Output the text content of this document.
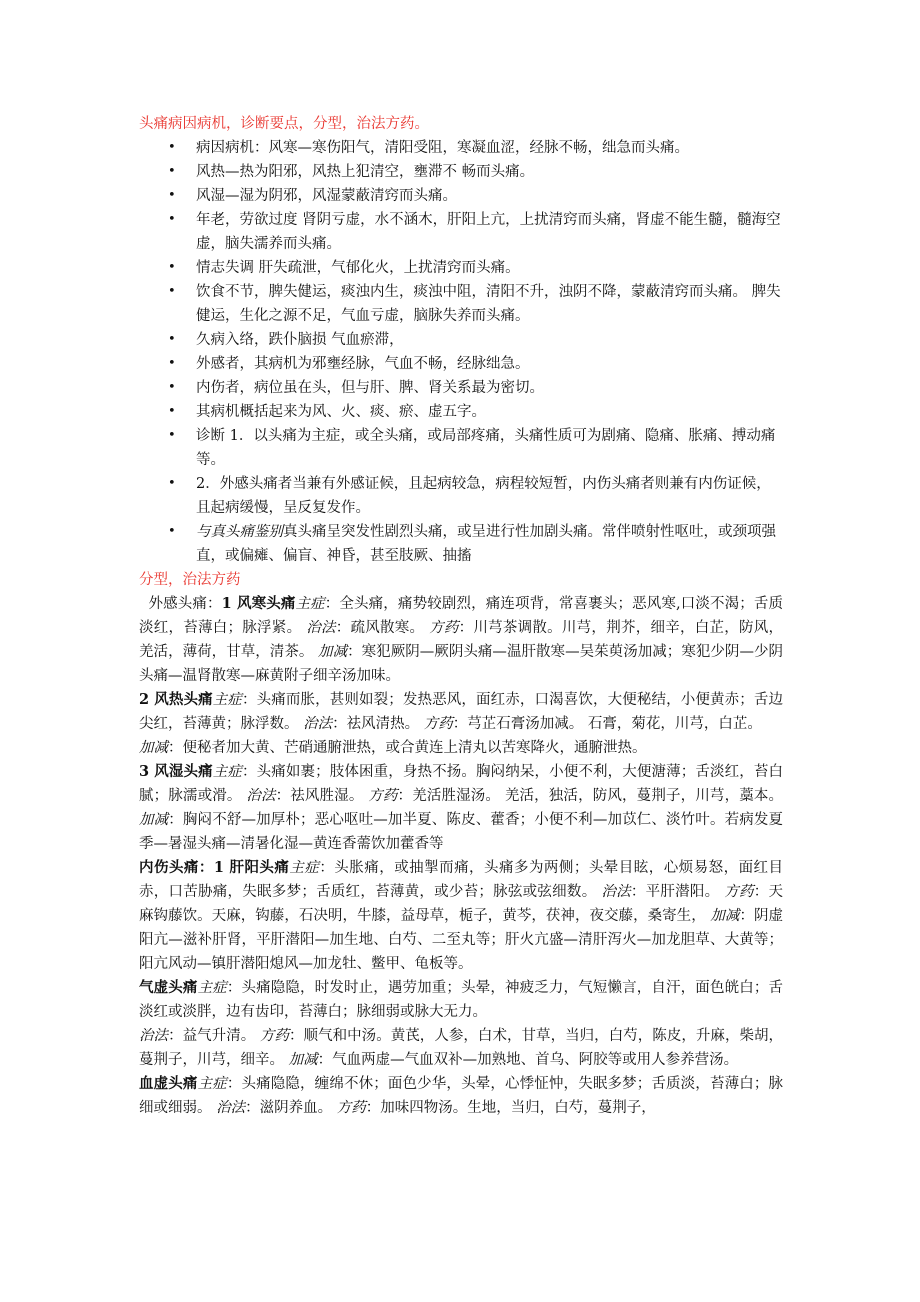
头痛病因病机，诊断要点，分型，治法方药。
• 病因病机：风寒—寒伤阳气，清阳受阻，寒凝血涩，经脉不畅，绌急而头痛。
• 风热—热为阳邪，风热上犯清空，壅滞不 畅而头痛。
• 风湿—湿为阴邪，风湿蒙蔽清窍而头痛。
• 年老，劳欲过度 肾阴亏虚，水不涵木，肝阳上亢，上扰清窍而头痛，肾虚不能生髓，髓海空虚，脑失濡养而头痛。
• 情志失调 肝失疏泄，气郁化火，上扰清窍而头痛。
• 饮食不节，脾失健运，痰浊内生，痰浊中阻，清阳不升，浊阴不降，蒙蔽清窍而头痛。 脾失健运，生化之源不足，气血亏虚，脑脉失养而头痛。
• 久病入络，跌仆脑损 气血瘀滞，
• 外感者，其病机为邪壅经脉，气血不畅，经脉绌急。
• 内伤者，病位虽在头，但与肝、脾、肾关系最为密切。
• 其病机概括起来为风、火、痰、瘀、虚五字。
• 诊断 1．以头痛为主症，或全头痛，或局部疼痛，头痛性质可为剧痛、隐痛、胀痛、搏动痛等。
• 2．外感头痛者当兼有外感证候，且起病较急，病程较短暂，内伤头痛者则兼有内伤证候，且起病缓慢，呈反复发作。
• 与真头痛鉴别真头痛呈突发性剧烈头痛，或呈进行性加剧头痛。常伴喷射性呕吐，或颈项强直，或偏瘫、偏盲、神昏，甚至肢厥、抽搐
分型，治法方药

外感头痛：1 风寒头痛主症：全头痛，痛势较剧烈，痛连项背，常喜裹头；恶风寒,口淡不渴；舌质淡红，苔薄白；脉浮紧。 治法：疏风散寒。 方药：川芎茶调散。川芎，荆芥，细辛，白芷，防风，羌活，薄荷，甘草，清茶。 加减：寒犯厥阴—厥阴头痛—温肝散寒—吴茱萸汤加减；寒犯少阴—少阴头痛—温肾散寒—麻黄附子细辛汤加味。

2 风热头痛主症：头痛而胀，甚则如裂；发热恶风，面红赤，口渴喜饮，大便秘结，小便黄赤；舌边尖红，苔薄黄；脉浮数。 治法：祛风清热。 方药：芎芷石膏汤加减。 石膏，菊花，川芎，白芷。

加减：便秘者加大黄、芒硝通腑泄热，或合黄连上清丸以苦寒降火，通腑泄热。

3 风湿头痛主症：头痛如裹；肢体困重，身热不扬。胸闷纳呆，小便不利，大便溏薄；舌淡红，苔白腻；脉濡或滑。 治法：祛风胜湿。 方药：羌活胜湿汤。 羌活，独活，防风，蔓荆子，川芎，藁本。加减：胸闷不舒—加厚朴；恶心呕吐—加半夏、陈皮、藿香；小便不利—加苡仁、淡竹叶。若病发夏季—暑湿头痛—清暑化湿—黄连香薷饮加藿香等

内伤头痛：1 肝阳头痛主症：头胀痛，或抽掣而痛，头痛多为两侧；头晕目眩，心烦易怒，面红目赤，口苦胁痛，失眠多梦；舌质红，苔薄黄，或少苔；脉弦或弦细数。 治法：平肝潜阳。 方药：天麻钩藤饮。天麻，钩藤，石决明，牛膝，益母草，栀子，黄芩，茯神，夜交藤，桑寄生， 加减：阴虚阳亢—滋补肝肾，平肝潜阳—加生地、白芍、二至丸等；肝火亢盛—清肝泻火—加龙胆草、大黄等；阳亢风动—镇肝潜阳熄风—加龙牡、鳖甲、龟板等。

气虚头痛主症：头痛隐隐，时发时止，遇劳加重；头晕，神疲乏力，气短懒言，自汗，面色㿠白；舌淡红或淡胖，边有齿印，苔薄白；脉细弱或脉大无力。

治法：益气升清。 方药：顺气和中汤。黄芪，人参，白术，甘草，当归，白芍，陈皮，升麻，柴胡，蔓荆子，川芎，细辛。 加减：气血两虚—气血双补—加熟地、首乌、阿胶等或用人参养营汤。

血虚头痛主症：头痛隐隐，缠绵不休；面色少华，头晕，心悸怔忡，失眠多梦；舌质淡，苔薄白；脉细或细弱。 治法：滋阴养血。 方药：加味四物汤。生地，当归，白芍，蔓荆子，
